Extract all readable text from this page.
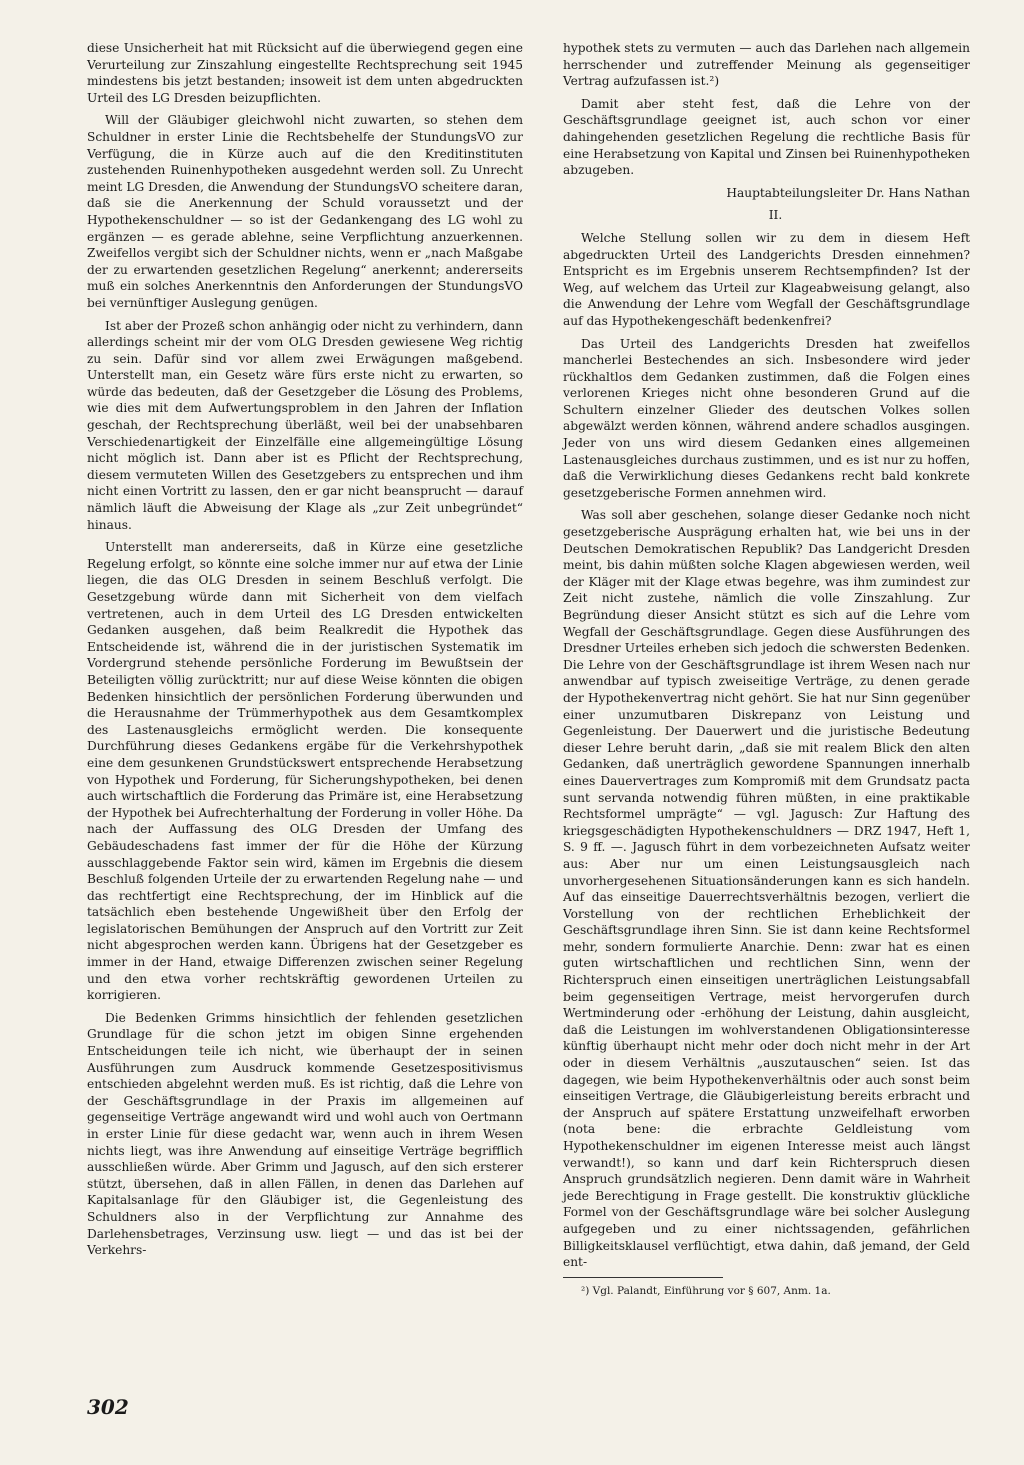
diese Unsicherheit hat mit Rücksicht auf die überwiegend gegen eine Verurteilung zur Zinszahlung eingestellte Rechtsprechung seit 1945 mindestens bis jetzt bestanden; insoweit ist dem unten abgedruckten Urteil des LG Dresden beizupflichten.

Will der Gläubiger gleichwohl nicht zuwarten, so stehen dem Schuldner in erster Linie die Rechtsbehelfe der StundungsVO zur Verfügung, die in Kürze auch auf die den Kreditinstituten zustehenden Ruinenhypotheken ausgedehnt werden soll. Zu Unrecht meint LG Dresden, die Anwendung der StundungsVO scheitere daran, daß sie die Anerkennung der Schuld voraussetzt und der Hypothekenschuldner — so ist der Gedankengang des LG wohl zu ergänzen — es gerade ablehne, seine Verpflichtung anzuerkennen. Zweifellos vergibt sich der Schuldner nichts, wenn er „nach Maßgabe der zu erwartenden gesetzlichen Regelung“ anerkennt; andererseits muß ein solches Anerkenntnis den Anforderungen der StundungsVO bei vernünftiger Auslegung genügen.

Ist aber der Prozeß schon anhängig oder nicht zu verhindern, dann allerdings scheint mir der vom OLG Dresden gewiesene Weg richtig zu sein. Dafür sind vor allem zwei Erwägungen maßgebend. Unterstellt man, ein Gesetz wäre fürs erste nicht zu erwarten, so würde das bedeuten, daß der Gesetzgeber die Lösung des Problems, wie dies mit dem Aufwertungsproblem in den Jahren der Inflation geschah, der Rechtsprechung überläßt, weil bei der unabsehbaren Verschiedenartigkeit der Einzelfälle eine allgemeingültige Lösung nicht möglich ist. Dann aber ist es Pflicht der Rechtsprechung, diesem vermuteten Willen des Gesetzgebers zu entsprechen und ihm nicht einen Vortritt zu lassen, den er gar nicht beansprucht — darauf nämlich läuft die Abweisung der Klage als „zur Zeit unbegründet“ hinaus.

Unterstellt man andererseits, daß in Kürze eine gesetzliche Regelung erfolgt, so könnte eine solche immer nur auf etwa der Linie liegen, die das OLG Dresden in seinem Beschluß verfolgt. Die Gesetzgebung würde dann mit Sicherheit von dem vielfach vertretenen, auch in dem Urteil des LG Dresden entwickelten Gedanken ausgehen, daß beim Realkredit die Hypothek das Entscheidende ist, während die in der juristischen Systematik im Vordergrund stehende persönliche Forderung im Bewußtsein der Beteiligten völlig zurücktritt; nur auf diese Weise könnten die obigen Bedenken hinsichtlich der persönlichen Forderung überwunden und die Herausnahme der Trümmerhypothek aus dem Gesamtkomplex des Lastenausgleichs ermöglicht werden. Die konsequente Durchführung dieses Gedankens ergäbe für die Verkehrshypothek eine dem gesunkenen Grundstückswert entsprechende Herabsetzung von Hypothek und Forderung, für Sicherungshypotheken, bei denen auch wirtschaftlich die Forderung das Primäre ist, eine Herabsetzung der Hypothek bei Aufrechterhaltung der Forderung in voller Höhe. Da nach der Auffassung des OLG Dresden der Umfang des Gebäudeschadens fast immer der für die Höhe der Kürzung ausschlaggebende Faktor sein wird, kämen im Ergebnis die diesem Beschluß folgenden Urteile der zu erwartenden Regelung nahe — und das rechtfertigt eine Rechtsprechung, der im Hinblick auf die tatsächlich eben bestehende Ungewißheit über den Erfolg der legislatorischen Bemühungen der Anspruch auf den Vortritt zur Zeit nicht abgesprochen werden kann. Übrigens hat der Gesetzgeber es immer in der Hand, etwaige Differenzen zwischen seiner Regelung und den etwa vorher rechtskräftig gewordenen Urteilen zu korrigieren.

Die Bedenken Grimms hinsichtlich der fehlenden gesetzlichen Grundlage für die schon jetzt im obigen Sinne ergehenden Entscheidungen teile ich nicht, wie überhaupt der in seinen Ausführungen zum Ausdruck kommende Gesetzespositivismus entschieden abgelehnt werden muß. Es ist richtig, daß die Lehre von der Geschäftsgrundlage in der Praxis im allgemeinen auf gegenseitige Verträge angewandt wird und wohl auch von Oertmann in erster Linie für diese gedacht war, wenn auch in ihrem Wesen nichts liegt, was ihre Anwendung auf einseitige Verträge begrifflich ausschließen würde. Aber Grimm und Jagusch, auf den sich ersterer stützt, übersehen, daß in allen Fällen, in denen das Darlehen auf Kapitalsanlage für den Gläubiger ist, die Gegenleistung des Schuldners also in der Verpflichtung zur Annahme des Darlehensbetrages, Verzinsung usw. liegt — und das ist bei der Verkehrs-

hypothek stets zu vermuten — auch das Darlehen nach allgemein herrschender und zutreffender Meinung als gegenseitiger Vertrag aufzufassen ist.²)

Damit aber steht fest, daß die Lehre von der Geschäftsgrundlage geeignet ist, auch schon vor einer dahingehenden gesetzlichen Regelung die rechtliche Basis für eine Herabsetzung von Kapital und Zinsen bei Ruinenhypotheken abzugeben.

Hauptabteilungsleiter Dr. Hans Nathan

II.

Welche Stellung sollen wir zu dem in diesem Heft abgedruckten Urteil des Landgerichts Dresden einnehmen? Entspricht es im Ergebnis unserem Rechtsempfinden? Ist der Weg, auf welchem das Urteil zur Klageabweisung gelangt, also die Anwendung der Lehre vom Wegfall der Geschäftsgrundlage auf das Hypothekengeschäft bedenkenfrei?

Das Urteil des Landgerichts Dresden hat zweifellos mancherlei Bestechendes an sich. Insbesondere wird jeder rückhaltlos dem Gedanken zustimmen, daß die Folgen eines verlorenen Krieges nicht ohne besonderen Grund auf die Schultern einzelner Glieder des deutschen Volkes sollen abgewälzt werden können, während andere schadlos ausgingen. Jeder von uns wird diesem Gedanken eines allgemeinen Lastenausgleiches durchaus zustimmen, und es ist nur zu hoffen, daß die Verwirklichung dieses Gedankens recht bald konkrete gesetzgeberische Formen annehmen wird.

Was soll aber geschehen, solange dieser Gedanke noch nicht gesetzgeberische Ausprägung erhalten hat, wie bei uns in der Deutschen Demokratischen Republik? Das Landgericht Dresden meint, bis dahin müßten solche Klagen abgewiesen werden, weil der Kläger mit der Klage etwas begehre, was ihm zumindest zur Zeit nicht zustehe, nämlich die volle Zinszahlung. Zur Begründung dieser Ansicht stützt es sich auf die Lehre vom Wegfall der Geschäftsgrundlage. Gegen diese Ausführungen des Dresdner Urteiles erheben sich jedoch die schwersten Bedenken. Die Lehre von der Geschäftsgrundlage ist ihrem Wesen nach nur anwendbar auf typisch zweiseitige Verträge, zu denen gerade der Hypothekenvertrag nicht gehört. Sie hat nur Sinn gegenüber einer unzumutbaren Diskrepanz von Leistung und Gegenleistung. Der Dauerwert und die juristische Bedeutung dieser Lehre beruht darin, „daß sie mit realem Blick den alten Gedanken, daß unerträglich gewordene Spannungen innerhalb eines Dauervertrages zum Kompromiß mit dem Grundsatz pacta sunt servanda notwendig führen müßten, in eine praktikable Rechtsformel umprägte“ — vgl. Jagusch: Zur Haftung des kriegsgeschädigten Hypothekenschuldners — DRZ 1947, Heft 1, S. 9 ff. —. Jagusch führt in dem vorbezeichneten Aufsatz weiter aus: Aber nur um einen Leistungsausgleich nach unvorhergesehenen Situationsänderungen kann es sich handeln. Auf das einseitige Dauerrechtsverhältnis bezogen, verliert die Vorstellung von der rechtlichen Erheblichkeit der Geschäftsgrundlage ihren Sinn. Sie ist dann keine Rechtsformel mehr, sondern formulierte Anarchie. Denn: zwar hat es einen guten wirtschaftlichen und rechtlichen Sinn, wenn der Richterspruch einen einseitigen unerträglichen Leistungsabfall beim gegenseitigen Vertrage, meist hervorgerufen durch Wertminderung oder -erhöhung der Leistung, dahin ausgleicht, daß die Leistungen im wohlverstandenen Obligationsinteresse künftig überhaupt nicht mehr oder doch nicht mehr in der Art oder in diesem Verhältnis „auszutauschen“ seien. Ist das dagegen, wie beim Hypothekenverhältnis oder auch sonst beim einseitigen Vertrage, die Gläubigerleistung bereits erbracht und der Anspruch auf spätere Erstattung unzweifelhaft erworben (nota bene: die erbrachte Geldleistung vom Hypothekenschuldner im eigenen Interesse meist auch längst verwandt!), so kann und darf kein Richterspruch diesen Anspruch grundsätzlich negieren. Denn damit wäre in Wahrheit jede Berechtigung in Frage gestellt. Die konstruktiv glückliche Formel von der Geschäftsgrundlage wäre bei solcher Auslegung aufgegeben und zu einer nichtssagenden, gefährlichen Billigkeitsklausel verflüchtigt, etwa dahin, daß jemand, der Geld ent-

²) Vgl. Palandt, Einführung vor § 607, Anm. 1a.

302
